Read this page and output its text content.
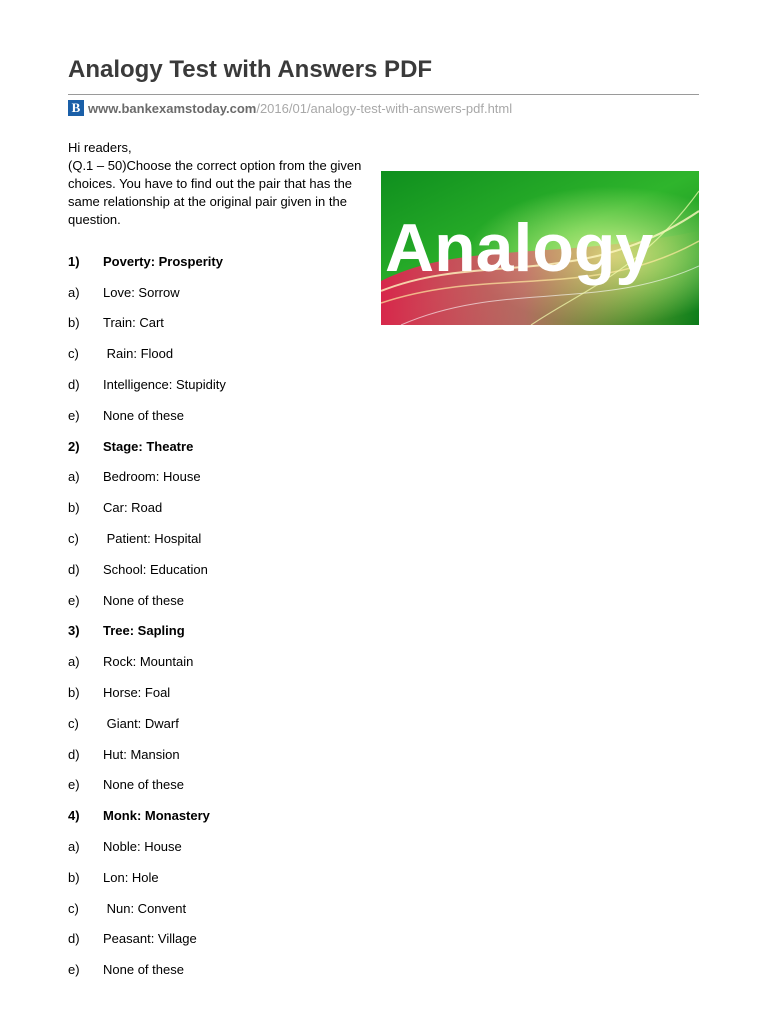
Analogy Test with Answers PDF
B www.bankexamstoday.com /2016/01/analogy-test-with-answers-pdf.html

Hi readers,

(Q.1 – 50)Choose the correct option from the given choices. You have to find out the pair that has the same relationship at the original pair given in the question.	Analogy
1)	Poverty: Prosperity
a)	Love: Sorrow
b)	Train: Cart
c)	Rain: Flood
d)	Intelligence: Stupidity
e)	None of these
2)	Stage: Theatre
a)	Bedroom: House
b)	Car: Road
c)	Patient: Hospital
d)	School: Education
e)	None of these
3)	Tree: Sapling
a)	Rock: Mountain
b)	Horse: Foal
c)	Giant: Dwarf
d)	Hut: Mansion
e)	None of these
4)	Monk: Monastery
a)	Noble: House
b)	Lon: Hole
c)	Nun: Convent
d)	Peasant: Village
e)	None of these
